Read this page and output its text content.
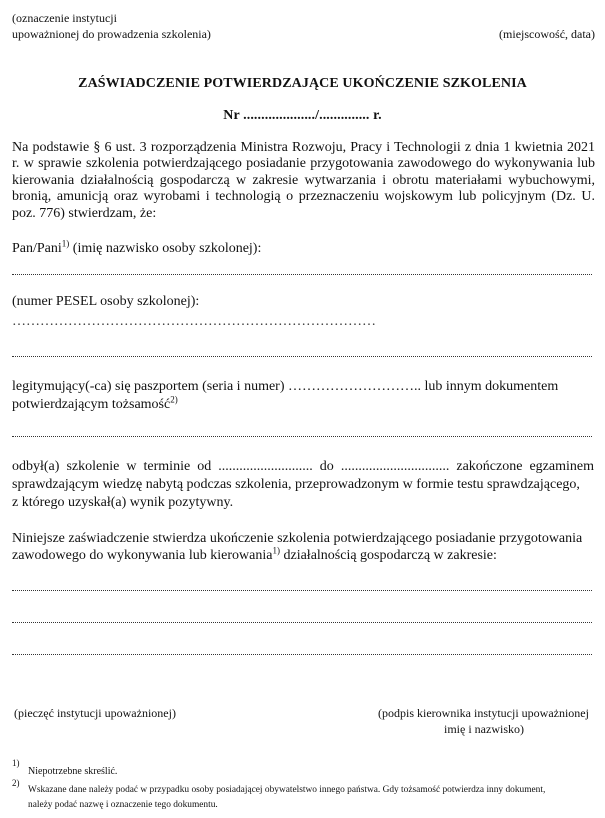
(oznaczenie instytucji
upoważnionej do prowadzenia szkolenia)	(miejscowość, data)
ZAŚWIADCZENIE POTWIERDZAJĄCE UKOŃCZENIE SZKOLENIA
Nr ..................../.............. r.
Na podstawie § 6 ust. 3 rozporządzenia Ministra Rozwoju, Pracy i Technologii z dnia 1 kwietnia 2021 r. w sprawie szkolenia potwierdzającego posiadanie przygotowania zawodowego do wykonywania lub kierowania działalnością gospodarczą w zakresie wytwarzania i obrotu materiałami wybuchowymi, bronią, amunicją oraz wyrobami i technologią o przeznaczeniu wojskowym lub policyjnym (Dz. U. poz. 776) stwierdzam, że:
Pan/Pani$^{1)}$ (imię nazwisko osoby szkolonej):
(numer PESEL osoby szkolonej):
……………………………………………………………………
legitymujący(-ca) się paszportem (seria i numer) ……………………….. lub innym dokumentem
potwierdzającym tożsamość$^{2)}$
odbył(a) szkolenie w terminie od ........................... do ............................... zakończone egzaminem
sprawdzającym wiedzę nabytą podczas szkolenia, przeprowadzonym w formie testu sprawdzającego,
z którego uzyskał(a) wynik pozytywny.
Niniejsze zaświadczenie stwierdza ukończenie szkolenia potwierdzającego posiadanie przygotowania
zawodowego do wykonywania lub kierowania$^{1)}$ działalnością gospodarczą w zakresie:
(pieczęć instytucji upoważnionej)	(podpis kierownika instytucji upoważnionej
imię i nazwisko)
1)
Niepotrzebne skreślić.
2)
Wskazane dane należy podać w przypadku osoby posiadającej obywatelstwo innego państwa. Gdy tożsamość potwierdza inny dokument,
należy podać nazwę i oznaczenie tego dokumentu.
